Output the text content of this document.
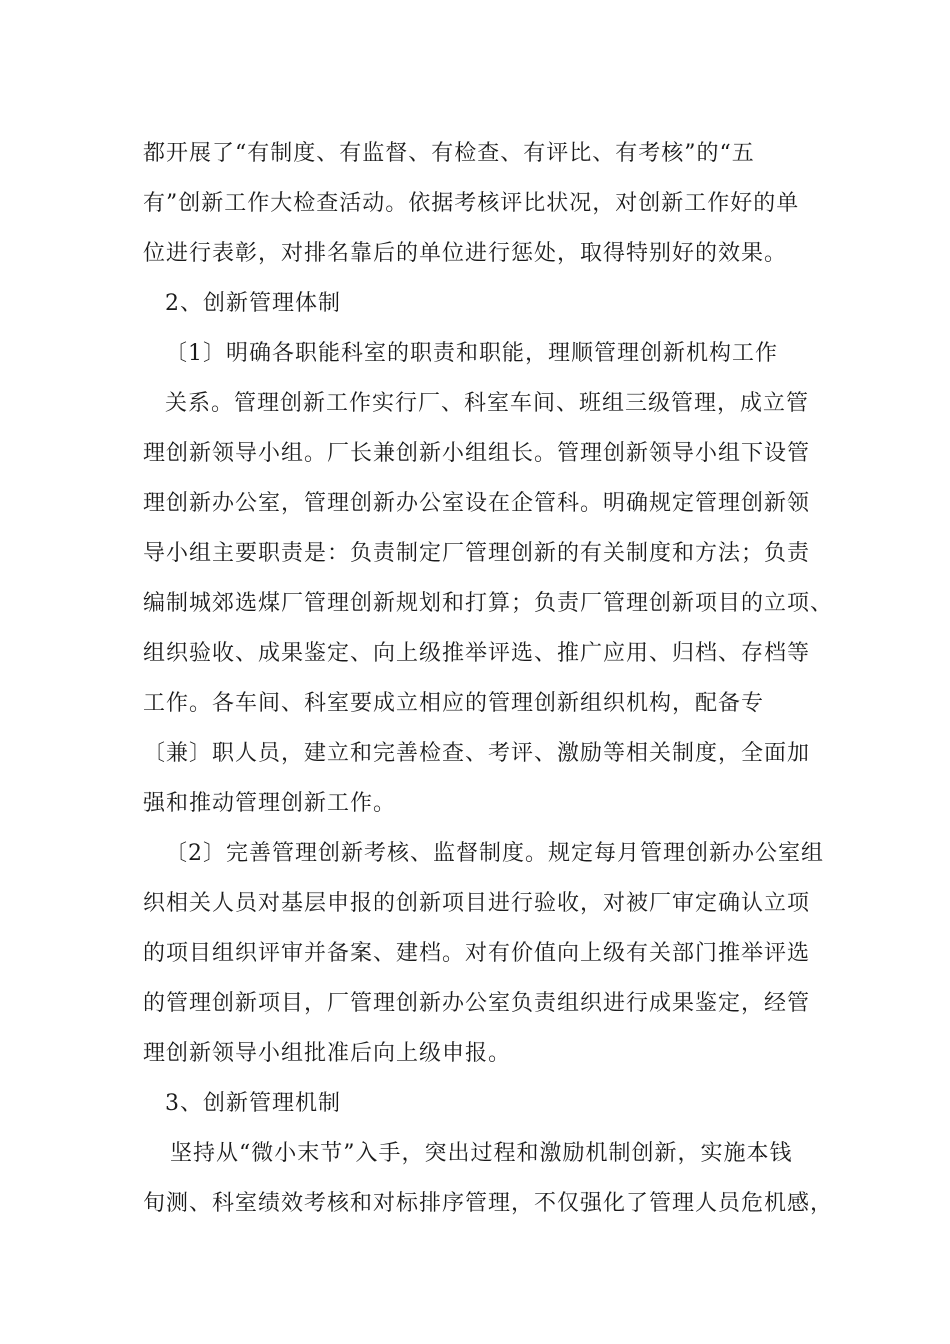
都开展了“有制度、有监督、有检查、有评比、有考核”的“五
有”创新工作大检查活动。依据考核评比状况，对创新工作好的单
位进行表彰，对排名靠后的单位进行惩处，取得特别好的效果。
2、创新管理体制
〔1〕明确各职能科室的职责和职能，理顺管理创新机构工作
关系。管理创新工作实行厂、科室车间、班组三级管理，成立管
理创新领导小组。厂长兼创新小组组长。管理创新领导小组下设管
理创新办公室，管理创新办公室设在企管科。明确规定管理创新领
导小组主要职责是：负责制定厂管理创新的有关制度和方法；负责
编制城郊选煤厂管理创新规划和打算；负责厂管理创新项目的立项、
组织验收、成果鉴定、向上级推举评选、推广应用、归档、存档等
工作。各车间、科室要成立相应的管理创新组织机构，配备专
〔兼〕职人员，建立和完善检查、考评、激励等相关制度，全面加
强和推动管理创新工作。
〔2〕完善管理创新考核、监督制度。规定每月管理创新办公室组
织相关人员对基层申报的创新项目进行验收，对被厂审定确认立项
的项目组织评审并备案、建档。对有价值向上级有关部门推举评选
的管理创新项目，厂管理创新办公室负责组织进行成果鉴定，经管
理创新领导小组批准后向上级申报。
3、创新管理机制
坚持从“微小末节”入手，突出过程和激励机制创新，实施本钱
旬测、科室绩效考核和对标排序管理，不仅强化了管理人员危机感，
